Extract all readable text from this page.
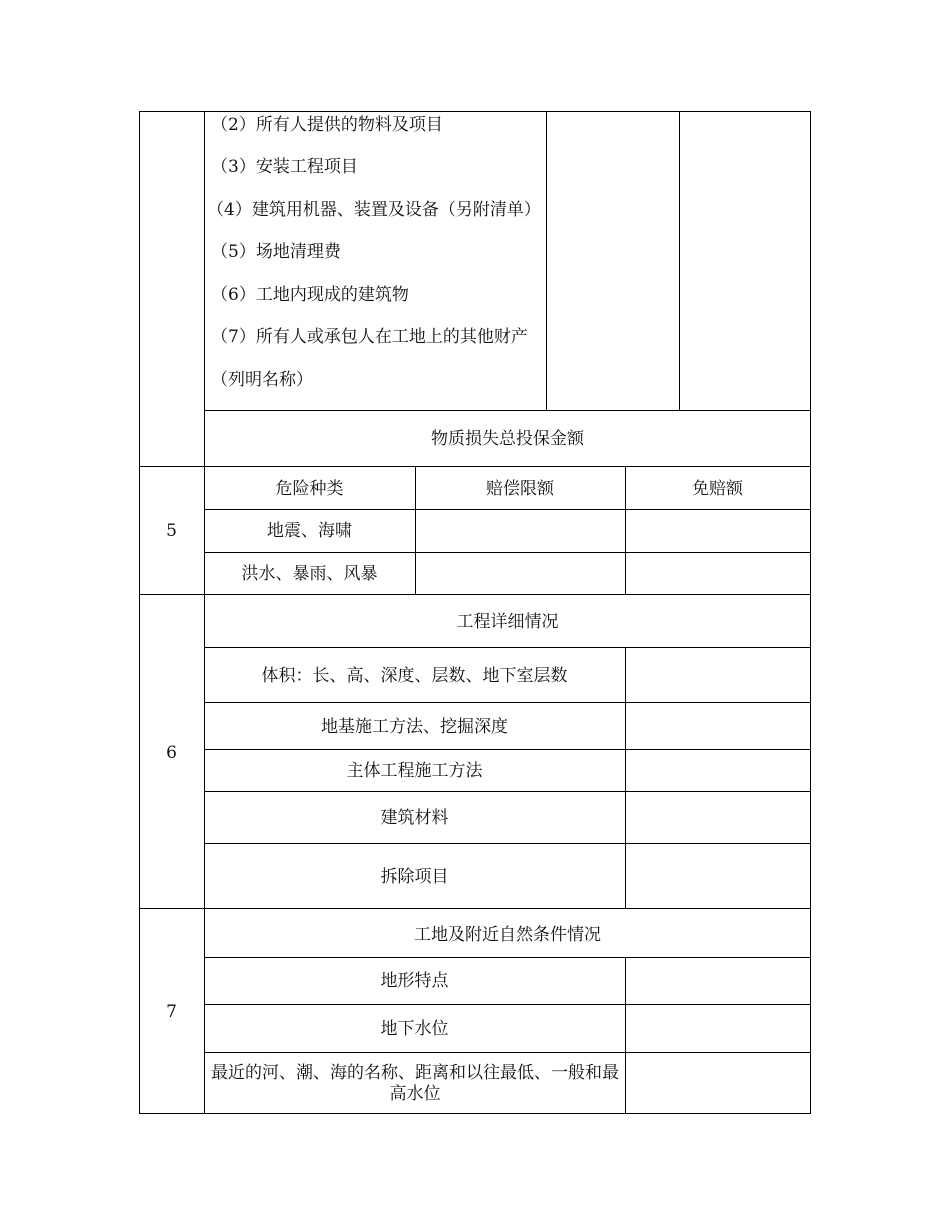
（2）所有人提供的物料及项目
（3）安装工程项目
（4）建筑用机器、装置及设备（另附清单）
（5）场地清理费
（6）工地内现成的建筑物
（7）所有人或承包人在工地上的其他财产
（列明名称）
物质损失总投保金额
5
危险种类	赔偿限额	免赔额
地震、海啸
洪水、暴雨、风暴
6
工程详细情况
体积：长、高、深度、层数、地下室层数
地基施工方法、挖掘深度
主体工程施工方法
建筑材料
拆除项目
7
工地及附近自然条件情况
地形特点
地下水位
最近的河、潮、海的名称、距离和以往最低、一般和最高水位
